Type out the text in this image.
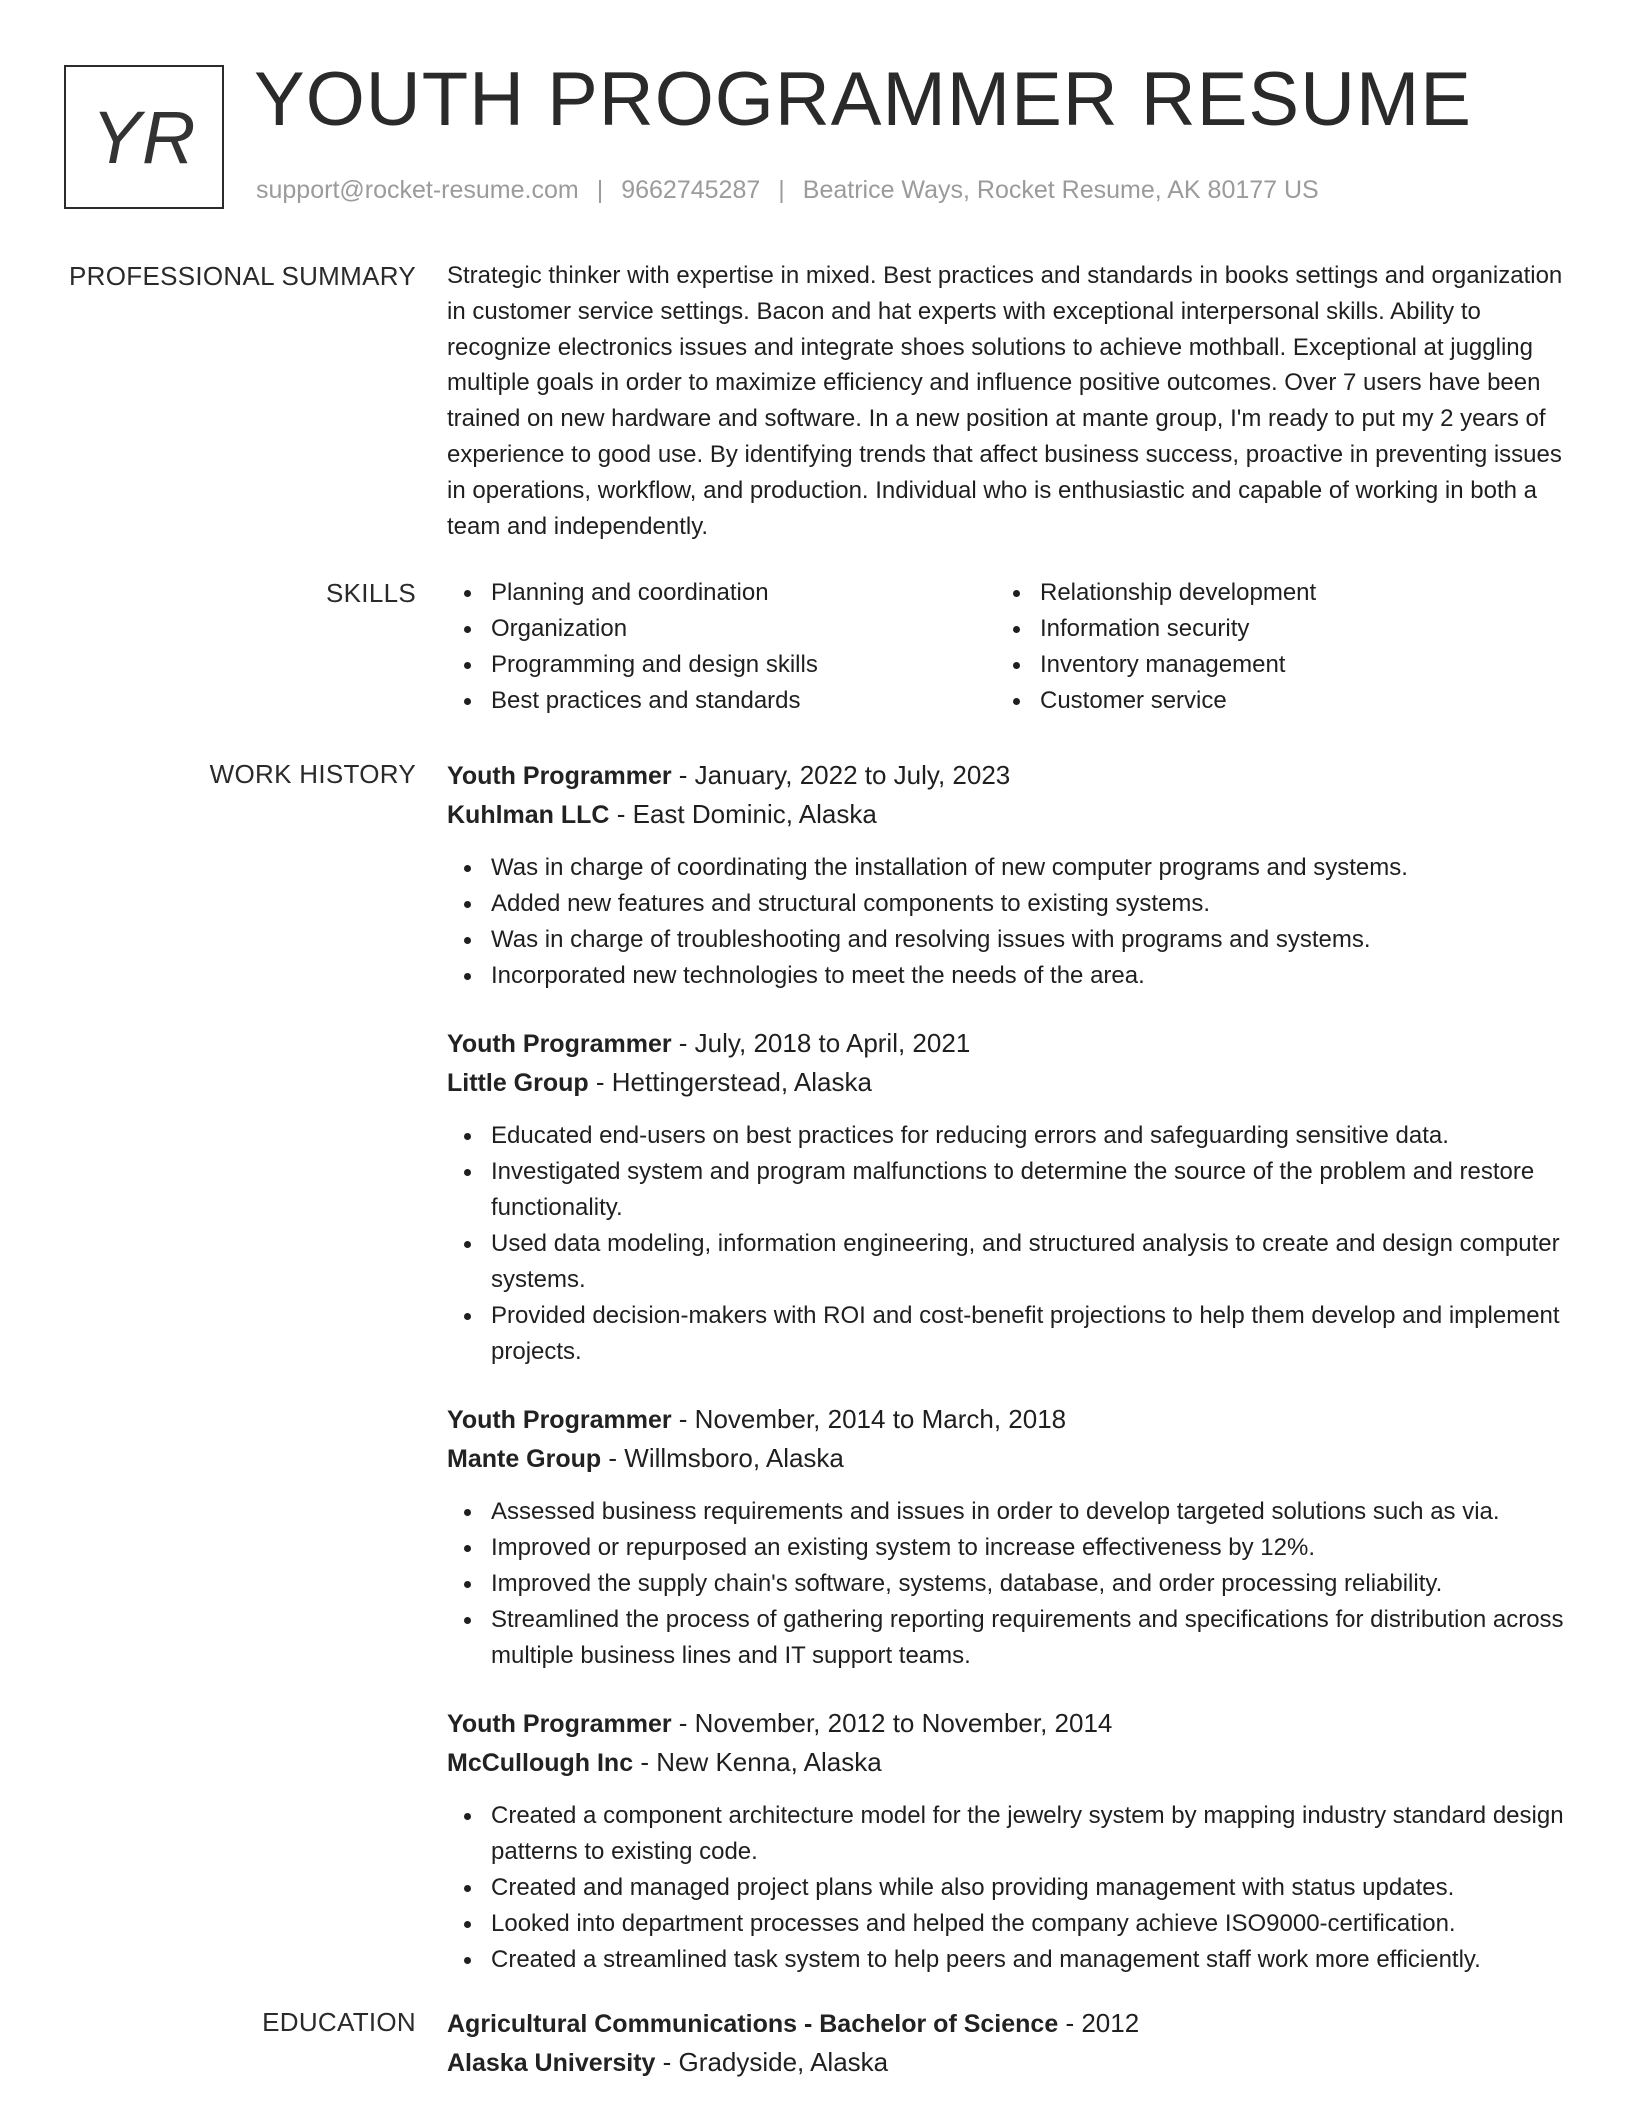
YR YOUTH PROGRAMMER RESUME
support@rocket-resume.com | 9662745287 | Beatrice Ways, Rocket Resume, AK 80177 US
PROFESSIONAL SUMMARY Strategic thinker with expertise in mixed. Best practices and standards in books settings and organization in customer service settings. Bacon and hat experts with exceptional interpersonal skills. Ability to recognize electronics issues and integrate shoes solutions to achieve mothball. Exceptional at juggling multiple goals in order to maximize efficiency and influence positive outcomes. Over 7 users have been trained on new hardware and software. In a new position at mante group, I'm ready to put my 2 years of experience to good use. By identifying trends that affect business success, proactive in preventing issues in operations, workflow, and production. Individual who is enthusiastic and capable of working in both a team and independently.
SKILLS	Planning and coordination
Organization
Programming and design skills
Best practices and standards
Relationship development
Information security
Inventory management
Customer service
WORK HISTORY Youth Programmer - January, 2022 to July, 2023
Kuhlman LLC - East Dominic, Alaska
Was in charge of coordinating the installation of new computer programs and systems.
Added new features and structural components to existing systems.
Was in charge of troubleshooting and resolving issues with programs and systems.
Incorporated new technologies to meet the needs of the area.
Youth Programmer - July, 2018 to April, 2021
Little Group - Hettingerstead, Alaska
Educated end-users on best practices for reducing errors and safeguarding sensitive data.
Investigated system and program malfunctions to determine the source of the problem and restore functionality.
Used data modeling, information engineering, and structured analysis to create and design computer systems.
Provided decision-makers with ROI and cost-benefit projections to help them develop and implement projects.
Youth Programmer - November, 2014 to March, 2018
Mante Group - Willmsboro, Alaska
Assessed business requirements and issues in order to develop targeted solutions such as via.
Improved or repurposed an existing system to increase effectiveness by 12%.
Improved the supply chain's software, systems, database, and order processing reliability.
Streamlined the process of gathering reporting requirements and specifications for distribution across multiple business lines and IT support teams.
Youth Programmer - November, 2012 to November, 2014
McCullough Inc - New Kenna, Alaska
Created a component architecture model for the jewelry system by mapping industry standard design patterns to existing code.
Created and managed project plans while also providing management with status updates.
Looked into department processes and helped the company achieve ISO9000-certification.
Created a streamlined task system to help peers and management staff work more efficiently.
EDUCATION Agricultural Communications - Bachelor of Science - 2012
Alaska University - Gradyside, Alaska
